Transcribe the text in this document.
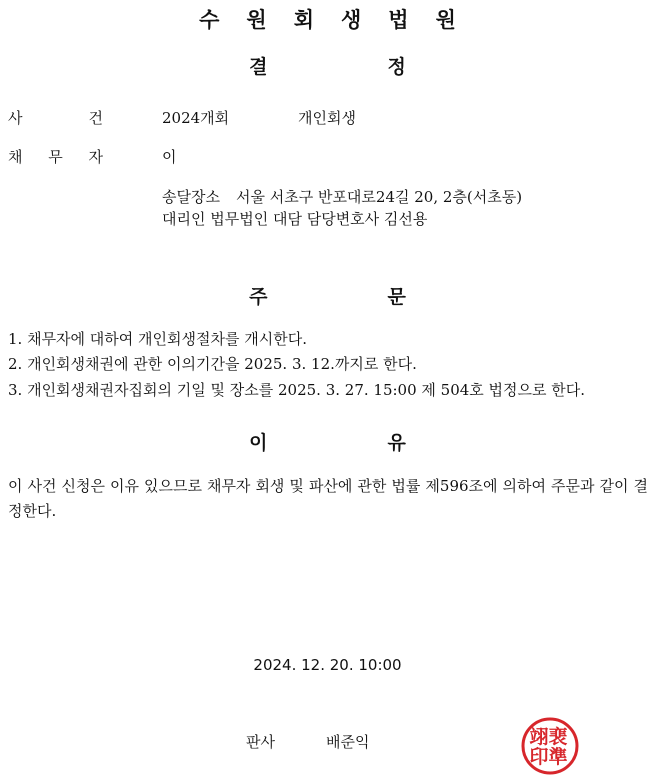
수원회생법원
결	정
사	건	2024개회	개인회생
채 무 자	이
송달장소 서울 서초구 반포대로24길 20, 2층(서초동)
대리인 법무법인 대담 담당변호사 김선용
주	문
1. 채무자에 대하여 개인회생절차를 개시한다.
2. 개인회생채권에 관한 이의기간을 2025. 3. 12.까지로 한다.
3. 개인회생채권자집회의 기일 및 장소를 2025. 3. 27. 15:00 제 504호 법정으로 한다.
이	유
이 사건 신청은 이유 있으므로 채무자 회생 및 파산에 관한 법률 제596조에 의하여 주문과 같이 결정한다.
2024. 12. 20. 10:00
판사	배준익	裵
準
翊
印
